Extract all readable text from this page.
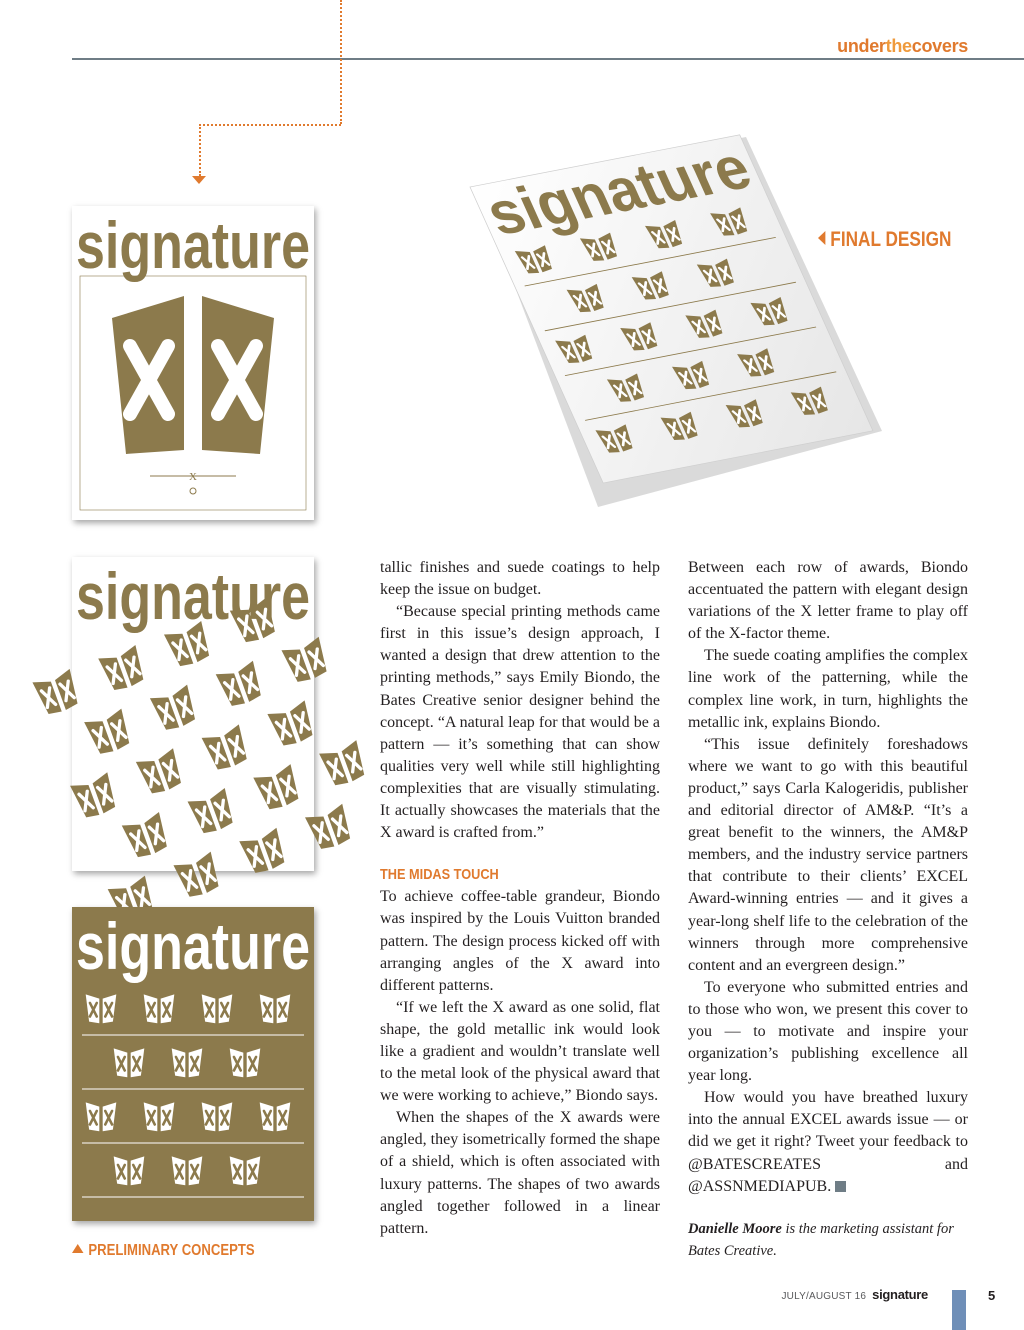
underthecovers
signature
X
signature
signature
signature	FINAL DESIGN
PRELIMINARY CONCEPTS

tallic finishes and suede coatings to help keep the issue on budget.

“Because special printing methods came first in this issue’s design approach, I wanted a design that drew attention to the printing methods,” says Emily Biondo, the Bates Creative senior designer behind the concept. “A natural leap for that would be a pattern — it’s something that can show qualities very well while still highlighting complexities that are visually stimulating. It actually showcases the materials that the X award is crafted from.”

THE MIDAS TOUCH

To achieve coffee-table grandeur, Biondo was inspired by the Louis Vuitton branded pattern. The design process kicked off with arranging angles of the X award into different patterns.

“If we left the X award as one solid, flat shape, the gold metallic ink would look like a gradient and wouldn’t translate well to the metal look of the physical award that we were working to achieve,” Biondo says.

When the shapes of the X awards were angled, they isometrically formed the shape of a shield, which is often associated with luxury patterns. The shapes of two awards angled together followed in a linear pattern.

Between each row of awards, Biondo accentuated the pattern with elegant design variations of the X letter frame to play off of the X-factor theme.

The suede coating amplifies the complex line work of the patterning, while the complex line work, in turn, highlights the metallic ink, explains Biondo.

“This issue definitely foreshadows where we want to go with this beautiful product,” says Carla Kalogeridis, publisher and editorial director of AM&P. “It’s a great benefit to the winners, the AM&P members, and the industry service partners that contribute to their clients’ EXCEL Award-winning entries — and it gives a year-long shelf life to the celebration of the winners through more comprehensive content and an evergreen design.”

To everyone who submitted entries and to those who won, we present this cover to you — to motivate and inspire your organization’s publishing excellence all year long.

How would you have breathed luxury into the annual EXCEL awards issue — or did we get it right? Tweet your feedback to @BATESCREATES and @ASSNMEDIAPUB.

Danielle Moore is the marketing assistant for Bates Creative.

JULY/AUGUST 16 signature	5
